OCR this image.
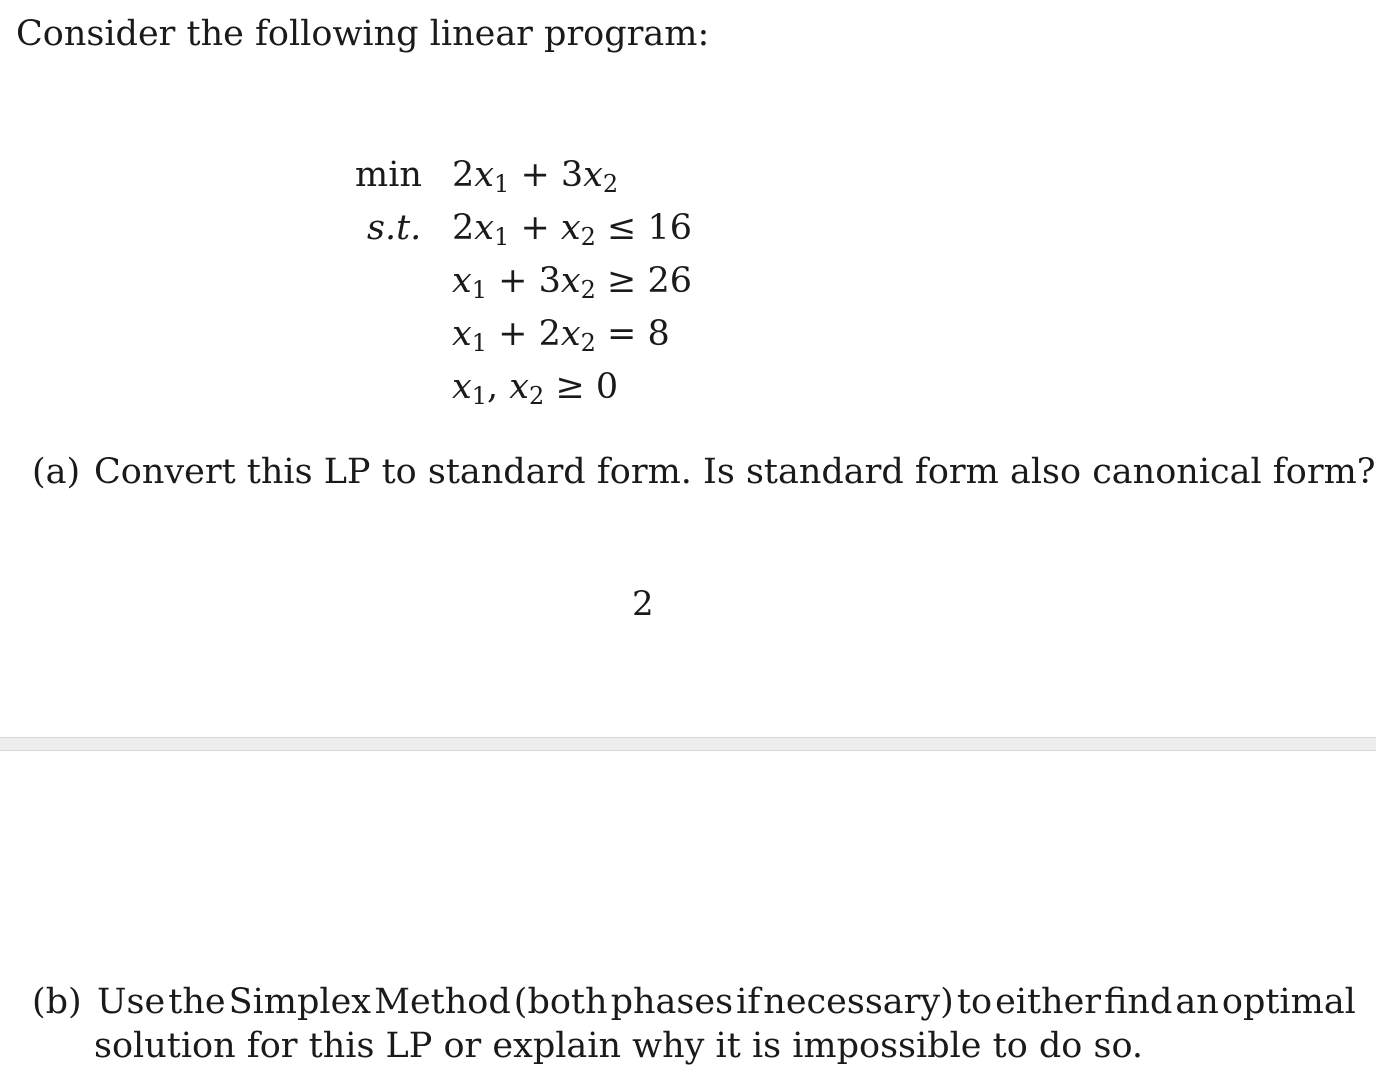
Consider the following linear program:
min
s.t.
$2x_1 + 3x_2$
$2x_1 + x_2 \le 16$
$x_1 + 3x_2 \ge 26$
$x_1 + 2x_2 = 8$
$x_1$, $x_2 \ge 0$
(a) Convert this LP to standard form. Is standard form also canonical form?
2
(b) Use the Simplex Method (both phases if necessary) to either find an optimal
solution for this LP or explain why it is impossible to do so.
